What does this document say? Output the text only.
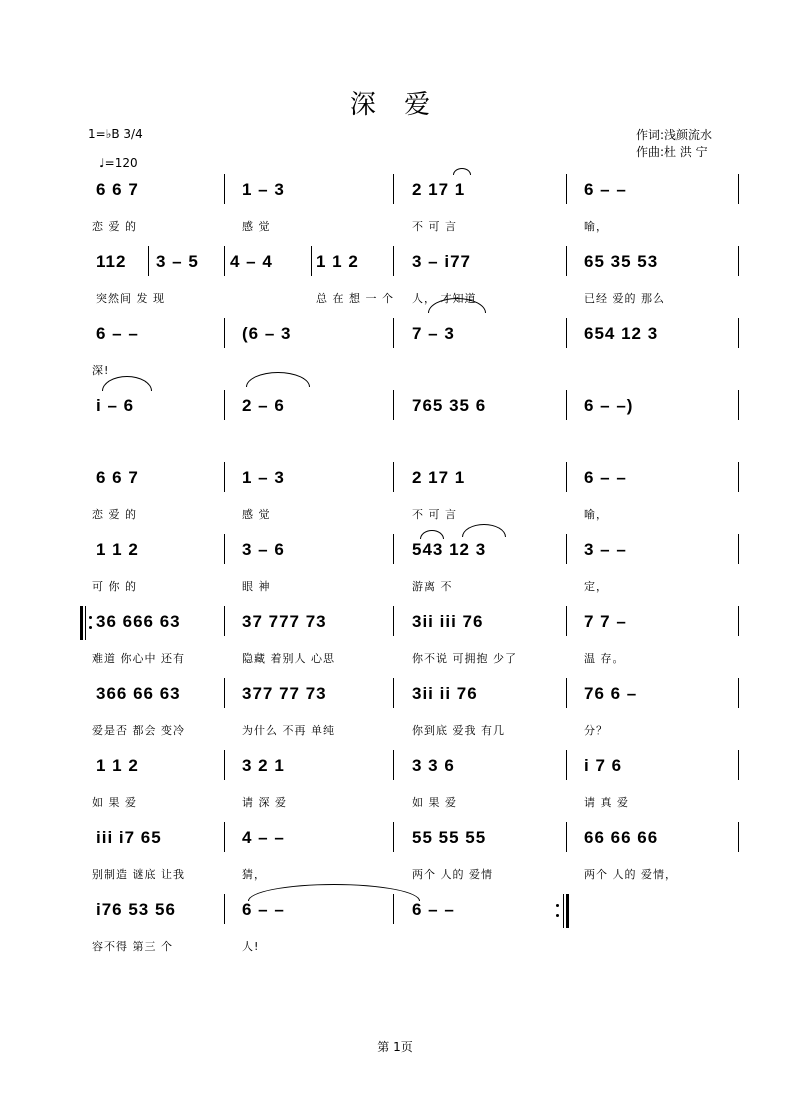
深 爱
1=♭B 3/4
♩=120
作词:浅颜流水
作曲:杜 洪 宁
6 6 7	1 – 3	2 17 1	6 – –
恋 爱 的	感 觉	不 可 言	喻，
112 3 – 5 4 – 4	1 1 2	3 – i77	65 35 53
突然间 发 现	总 在 想 一 个 人， 才知道	已经 爱的 那么
6 – –	(6 – 3	7 – 3	654 12 3
深!
i – 6	2 – 6	765 35 6	6 – –)
6 6 7	1 – 3	2 17 1	6 – –
恋 爱 的	感 觉	不 可 言	喻，
1 1 2	3 – 6	543 12 3	3 – –
可 你 的	眼 神	游离 不	定，
36 666 63	37 777 73	3ii iii 76	7 7 –
难道 你心中 还有	隐藏 着别人 心思	你不说 可拥抱 少了	温 存。
366 66 63	377 77 73	3ii ii 76	76 6 –
爱是否 都会 变冷	为什么 不再 单纯	你到底 爱我 有几	分？
1 1 2	3 2 1	3 3 6	i 7 6
如 果 爱	请 深 爱	如 果 爱	请 真 爱
iii i7 65	4 – –	55 55 55	66 66 66
别制造 谜底 让我	猜，	两个 人的 爱情	两个 人的 爱情，
i76 53 56	6 – –	6 – –
容不得 第三 个	人!
第 1页
